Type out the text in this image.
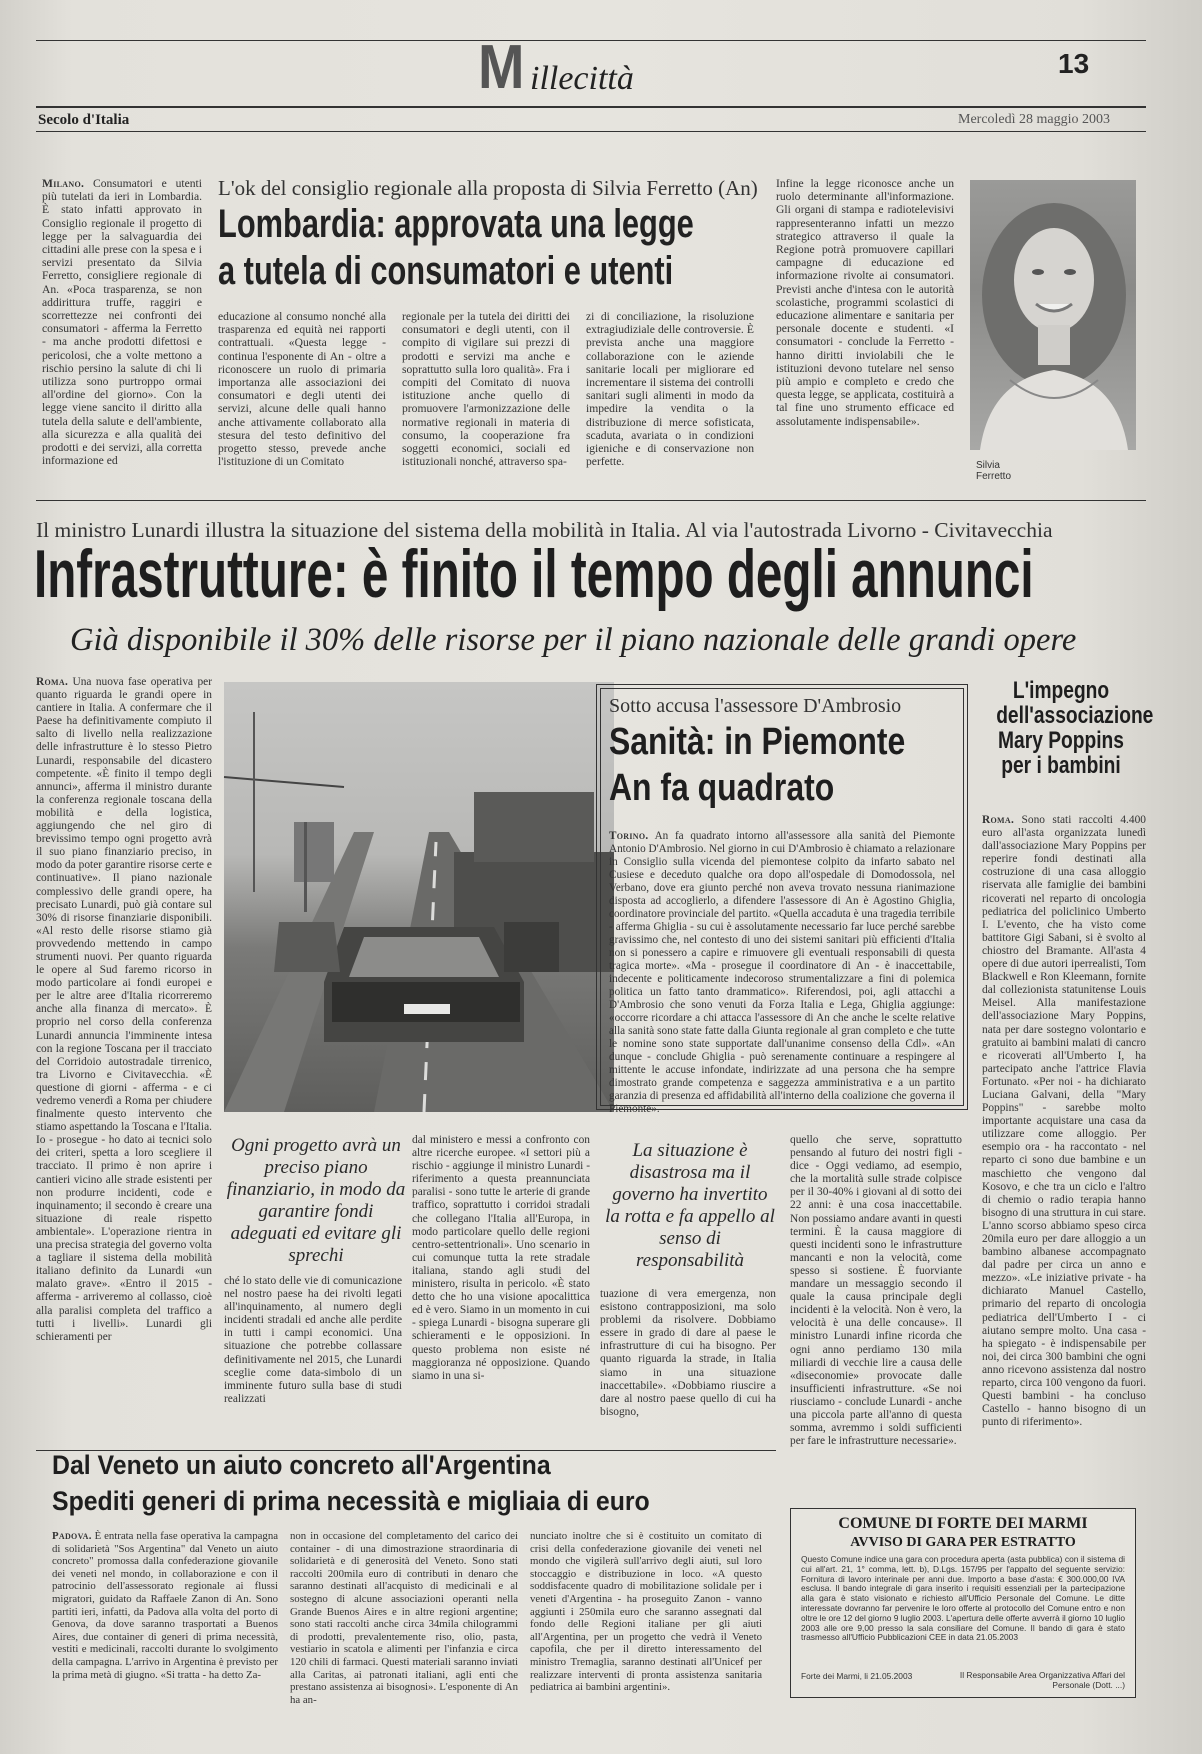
M illecittà	13
Secolo d'Italia	Mercoledì 28 maggio 2003
L'ok del consiglio regionale alla proposta di Silvia Ferretto (An)
Lombardia: approvata una legge
a tutela di consumatori e utenti

Milano. Consumatori e utenti più tutelati da ieri in Lombardia. È stato infatti approvato in Consiglio regionale il progetto di legge per la salvaguardia dei cittadini alle prese con la spesa e i servizi presentato da Silvia Ferretto, consigliere regionale di An. «Poca trasparenza, se non addirittura truffe, raggiri e scorrettezze nei confronti dei consumatori - afferma la Ferretto - ma anche prodotti difettosi e pericolosi, che a volte mettono a rischio persino la salute di chi li utilizza sono purtroppo ormai all'ordine del giorno». Con la legge viene sancito il diritto alla tutela della salute e dell'ambiente, alla sicurezza e alla qualità dei prodotti e dei servizi, alla corretta informazione ed

educazione al consumo nonché alla trasparenza ed equità nei rapporti contrattuali. «Questa legge - continua l'esponente di An - oltre a riconoscere un ruolo di primaria importanza alle associazioni dei consumatori e degli utenti dei servizi, alcune delle quali hanno anche attivamente collaborato alla stesura del testo definitivo del progetto stesso, prevede anche l'istituzione di un Comitato

regionale per la tutela dei diritti dei consumatori e degli utenti, con il compito di vigilare sui prezzi di prodotti e servizi ma anche e soprattutto sulla loro qualità». Fra i compiti del Comitato di nuova istituzione anche quello di promuovere l'armonizzazione delle normative regionali in materia di consumo, la cooperazione fra soggetti economici, sociali ed istituzionali nonché, attraverso spa-

zi di conciliazione, la risoluzione extragiudiziale delle controversie. È prevista anche una maggiore collaborazione con le aziende sanitarie locali per migliorare ed incrementare il sistema dei controlli sanitari sugli alimenti in modo da impedire la vendita o la distribuzione di merce sofisticata, scaduta, avariata o in condizioni igieniche e di conservazione non perfette.

Infine la legge riconosce anche un ruolo determinante all'informazione. Gli organi di stampa e radiotelevisivi rappresenteranno infatti un mezzo strategico attraverso il quale la Regione potrà promuovere capillari campagne di educazione ed informazione rivolte ai consumatori. Previsti anche d'intesa con le autorità scolastiche, programmi scolastici di educazione alimentare e sanitaria per personale docente e studenti. «I consumatori - conclude la Ferretto - hanno diritti inviolabili che le istituzioni devono tutelare nel senso più ampio e completo e credo che questa legge, se applicata, costituirà a tal fine uno strumento efficace ed assolutamente indispensabile».

Silvia Ferretto
Il ministro Lunardi illustra la situazione del sistema della mobilità in Italia. Al via l'autostrada Livorno - Civitavecchia
Infrastrutture: è finito il tempo degli annunci
Già disponibile il 30% delle risorse per il piano nazionale delle grandi opere

Roma. Una nuova fase operativa per quanto riguarda le grandi opere in cantiere in Italia. A confermare che il Paese ha definitivamente compiuto il salto di livello nella realizzazione delle infrastrutture è lo stesso Pietro Lunardi, responsabile del dicastero competente. «È finito il tempo degli annunci», afferma il ministro durante la conferenza regionale toscana della mobilità e della logistica, aggiungendo che nel giro di brevissimo tempo ogni progetto avrà il suo piano finanziario preciso, in modo da poter garantire risorse certe e continuative». Il piano nazionale complessivo delle grandi opere, ha precisato Lunardi, può già contare sul 30% di risorse finanziarie disponibili. «Al resto delle risorse stiamo già provvedendo mettendo in campo strumenti nuovi. Per quanto riguarda le opere al Sud faremo ricorso in modo particolare ai fondi europei e per le altre aree d'Italia ricorreremo anche alla finanza di mercato». È proprio nel corso della conferenza Lunardi annuncia l'imminente intesa con la regione Toscana per il tracciato del Corridoio autostradale tirrenico, tra Livorno e Civitavecchia. «È questione di giorni - afferma - e ci vedremo venerdì a Roma per chiudere finalmente questo intervento che stiamo aspettando la Toscana e l'Italia. Io - prosegue - ho dato ai tecnici solo dei criteri, spetta a loro scegliere il tracciato. Il primo è non aprire i cantieri vicino alle strade esistenti per non produrre incidenti, code e inquinamento; il secondo è creare una situazione di reale rispetto ambientale». L'operazione rientra in una precisa strategia del governo volta a tagliare il sistema della mobilità italiano definito da Lunardi «un malato grave». «Entro il 2015 - afferma - arriveremo al collasso, cioè alla paralisi completa del traffico a tutti i livelli». Lunardi gli schieramenti per

Ogni progetto avrà un preciso piano finanziario, in modo da garantire fondi adeguati ed evitare gli sprechi

ché lo stato delle vie di comunicazione nel nostro paese ha dei rivolti legati all'inquinamento, al numero degli incidenti stradali ed anche alle perdite in tutti i campi economici. Una situazione che potrebbe collassare definitivamente nel 2015, che Lunardi sceglie come data-simbolo di un imminente futuro sulla base di studi realizzati

dal ministero e messi a confronto con altre ricerche europee. «I settori più a rischio - aggiunge il ministro Lunardi - riferimento a questa preannunciata paralisi - sono tutte le arterie di grande traffico, soprattutto i corridoi stradali che collegano l'Italia all'Europa, in modo particolare quello delle regioni centro-settentrionali». Uno scenario in cui comunque tutta la rete stradale italiana, stando agli studi del ministero, risulta in pericolo. «È stato detto che ho una visione apocalittica ed è vero. Siamo in un momento in cui - spiega Lunardi - bisogna superare gli schieramenti e le opposizioni. In questo problema non esiste né maggioranza né opposizione. Quando siamo in una si-

La situazione è disastrosa ma il governo ha invertito la rotta e fa appello al senso di responsabilità

tuazione di vera emergenza, non esistono contrapposizioni, ma solo problemi da risolvere. Dobbiamo essere in grado di dare al paese le infrastrutture di cui ha bisogno. Per quanto riguarda la strade, in Italia siamo in una situazione inaccettabile». «Dobbiamo riuscire a dare al nostro paese quello di cui ha bisogno,

quello che serve, soprattutto pensando al futuro dei nostri figli - dice - Oggi vediamo, ad esempio, che la mortalità sulle strade colpisce per il 30-40% i giovani al di sotto dei 22 anni: è una cosa inaccettabile. Non possiamo andare avanti in questi termini. È la causa maggiore di questi incidenti sono le infrastrutture mancanti e non la velocità, come spesso si sostiene. È fuorviante mandare un messaggio secondo il quale la causa principale degli incidenti è la velocità. Non è vero, la velocità è una delle concause». Il ministro Lunardi infine ricorda che ogni anno perdiamo 130 mila miliardi di vecchie lire a causa delle «diseconomie» provocate dalle insufficienti infrastrutture. «Se noi riusciamo - conclude Lunardi - anche una piccola parte all'anno di questa somma, avremmo i soldi sufficienti per fare le infrastrutture necessarie».

Sotto accusa l'assessore D'Ambrosio
Sanità: in Piemonte
An fa quadrato

Torino. An fa quadrato intorno all'assessore alla sanità del Piemonte Antonio D'Ambrosio. Nel giorno in cui D'Ambrosio è chiamato a relazionare in Consiglio sulla vicenda del piemontese colpito da infarto sabato nel Cusiese e deceduto qualche ora dopo all'ospedale di Domodossola, nel Verbano, dove era giunto perché non aveva trovato nessuna rianimazione disposta ad accoglierlo, a difendere l'assessore di An è Agostino Ghiglia, coordinatore provinciale del partito. «Quella accaduta è una tragedia terribile - afferma Ghiglia - su cui è assolutamente necessario far luce perché sarebbe gravissimo che, nel contesto di uno dei sistemi sanitari più efficienti d'Italia non si ponessero a capire e rimuovere gli eventuali responsabili di questa tragica morte». «Ma - prosegue il coordinatore di An - è inaccettabile, indecente e politicamente indecoroso strumentalizzare a fini di polemica politica un fatto tanto drammatico». Riferendosi, poi, agli attacchi a D'Ambrosio che sono venuti da Forza Italia e Lega, Ghiglia aggiunge: «occorre ricordare a chi attacca l'assessore di An che anche le scelte relative alla sanità sono state fatte dalla Giunta regionale al gran completo e che tutte le nomine sono state supportate dall'unanime consenso della Cdl». «An dunque - conclude Ghiglia - può serenamente continuare a respingere al mittente le accuse infondate, indirizzate ad una persona che ha sempre dimostrato grande competenza e saggezza amministrativa e a un partito garanzia di presenza ed affidabilità all'interno della coalizione che governa il Piemonte».

L'impegno
dell'associazione
Mary Poppins
per i bambini

Roma. Sono stati raccolti 4.400 euro all'asta organizzata lunedì dall'associazione Mary Poppins per reperire fondi destinati alla costruzione di una casa alloggio riservata alle famiglie dei bambini ricoverati nel reparto di oncologia pediatrica del policlinico Umberto I. L'evento, che ha visto come battitore Gigi Sabani, si è svolto al chiostro del Bramante. All'asta 4 opere di due autori iperrealisti, Tom Blackwell e Ron Kleemann, fornite dal collezionista statunitense Louis Meisel. Alla manifestazione dell'associazione Mary Poppins, nata per dare sostegno volontario e gratuito ai bambini malati di cancro e ricoverati all'Umberto I, ha partecipato anche l'attrice Flavia Fortunato. «Per noi - ha dichiarato Luciana Galvani, della "Mary Poppins" - sarebbe molto importante acquistare una casa da utilizzare come alloggio. Per esempio ora - ha raccontato - nel reparto ci sono due bambine e un maschietto che vengono dal Kosovo, e che tra un ciclo e l'altro di chemio o radio terapia hanno bisogno di una struttura in cui stare. L'anno scorso abbiamo speso circa 20mila euro per dare alloggio a un bambino albanese accompagnato dal padre per circa un anno e mezzo». «Le iniziative private - ha dichiarato Manuel Castello, primario del reparto di oncologia pediatrica dell'Umberto I - ci aiutano sempre molto. Una casa - ha spiegato - è indispensabile per noi, dei circa 300 bambini che ogni anno ricevono assistenza dal nostro reparto, circa 100 vengono da fuori. Questi bambini - ha concluso Castello - hanno bisogno di un punto di riferimento».

Dal Veneto un aiuto concreto all'Argentina
Spediti generi di prima necessità e migliaia di euro

Padova. È entrata nella fase operativa la campagna di solidarietà "Sos Argentina" dal Veneto un aiuto concreto" promossa dalla confederazione giovanile dei veneti nel mondo, in collaborazione e con il patrocinio dell'assessorato regionale ai flussi migratori, guidato da Raffaele Zanon di An. Sono partiti ieri, infatti, da Padova alla volta del porto di Genova, da dove saranno trasportati a Buenos Aires, due container di generi di prima necessità, vestiti e medicinali, raccolti durante lo svolgimento della campagna. L'arrivo in Argentina è previsto per la prima metà di giugno. «Si tratta - ha detto Za-

non in occasione del completamento del carico dei container - di una dimostrazione straordinaria di solidarietà e di generosità del Veneto. Sono stati raccolti 200mila euro di contributi in denaro che saranno destinati all'acquisto di medicinali e al sostegno di alcune associazioni operanti nella Grande Buenos Aires e in altre regioni argentine; sono stati raccolti anche circa 34mila chilogrammi di prodotti, prevalentemente riso, olio, pasta, vestiario in scatola e alimenti per l'infanzia e circa 120 chili di farmaci. Questi materiali saranno inviati alla Caritas, ai patronati italiani, agli enti che prestano assistenza ai bisognosi». L'esponente di An ha an-

nunciato inoltre che si è costituito un comitato di crisi della confederazione giovanile dei veneti nel mondo che vigilerà sull'arrivo degli aiuti, sul loro stoccaggio e distribuzione in loco. «A questo soddisfacente quadro di mobilitazione solidale per i veneti d'Argentina - ha proseguito Zanon - vanno aggiunti i 250mila euro che saranno assegnati dal fondo delle Regioni italiane per gli aiuti all'Argentina, per un progetto che vedrà il Veneto capofila, che per il diretto interessamento del ministro Tremaglia, saranno destinati all'Unicef per realizzare interventi di pronta assistenza sanitaria pediatrica ai bambini argentini».

COMUNE DI FORTE DEI MARMI
AVVISO DI GARA PER ESTRATTO

Questo Comune indice una gara con procedura aperta (asta pubblica) con il sistema di cui all'art. 21, 1° comma, lett. b), D.Lgs. 157/95 per l'appalto del seguente servizio: Fornitura di lavoro interinale per anni due. Importo a base d'asta: € 300.000,00 IVA esclusa. Il bando integrale di gara inserito i requisiti essenziali per la partecipazione alla gara è stato visionato e richiesto all'Ufficio Personale del Comune. Le ditte interessate dovranno far pervenire le loro offerte al protocollo del Comune entro e non oltre le ore 12 del giorno 9 luglio 2003. L'apertura delle offerte avverrà il giorno 10 luglio 2003 alle ore 9,00 presso la sala consiliare del Comune. Il bando di gara è stato trasmesso all'Ufficio Pubblicazioni CEE in data 21.05.2003

Forte dei Marmi, li 21.05.2003	Il Responsabile Area Organizzativa Affari del Personale (Dott. ...)
